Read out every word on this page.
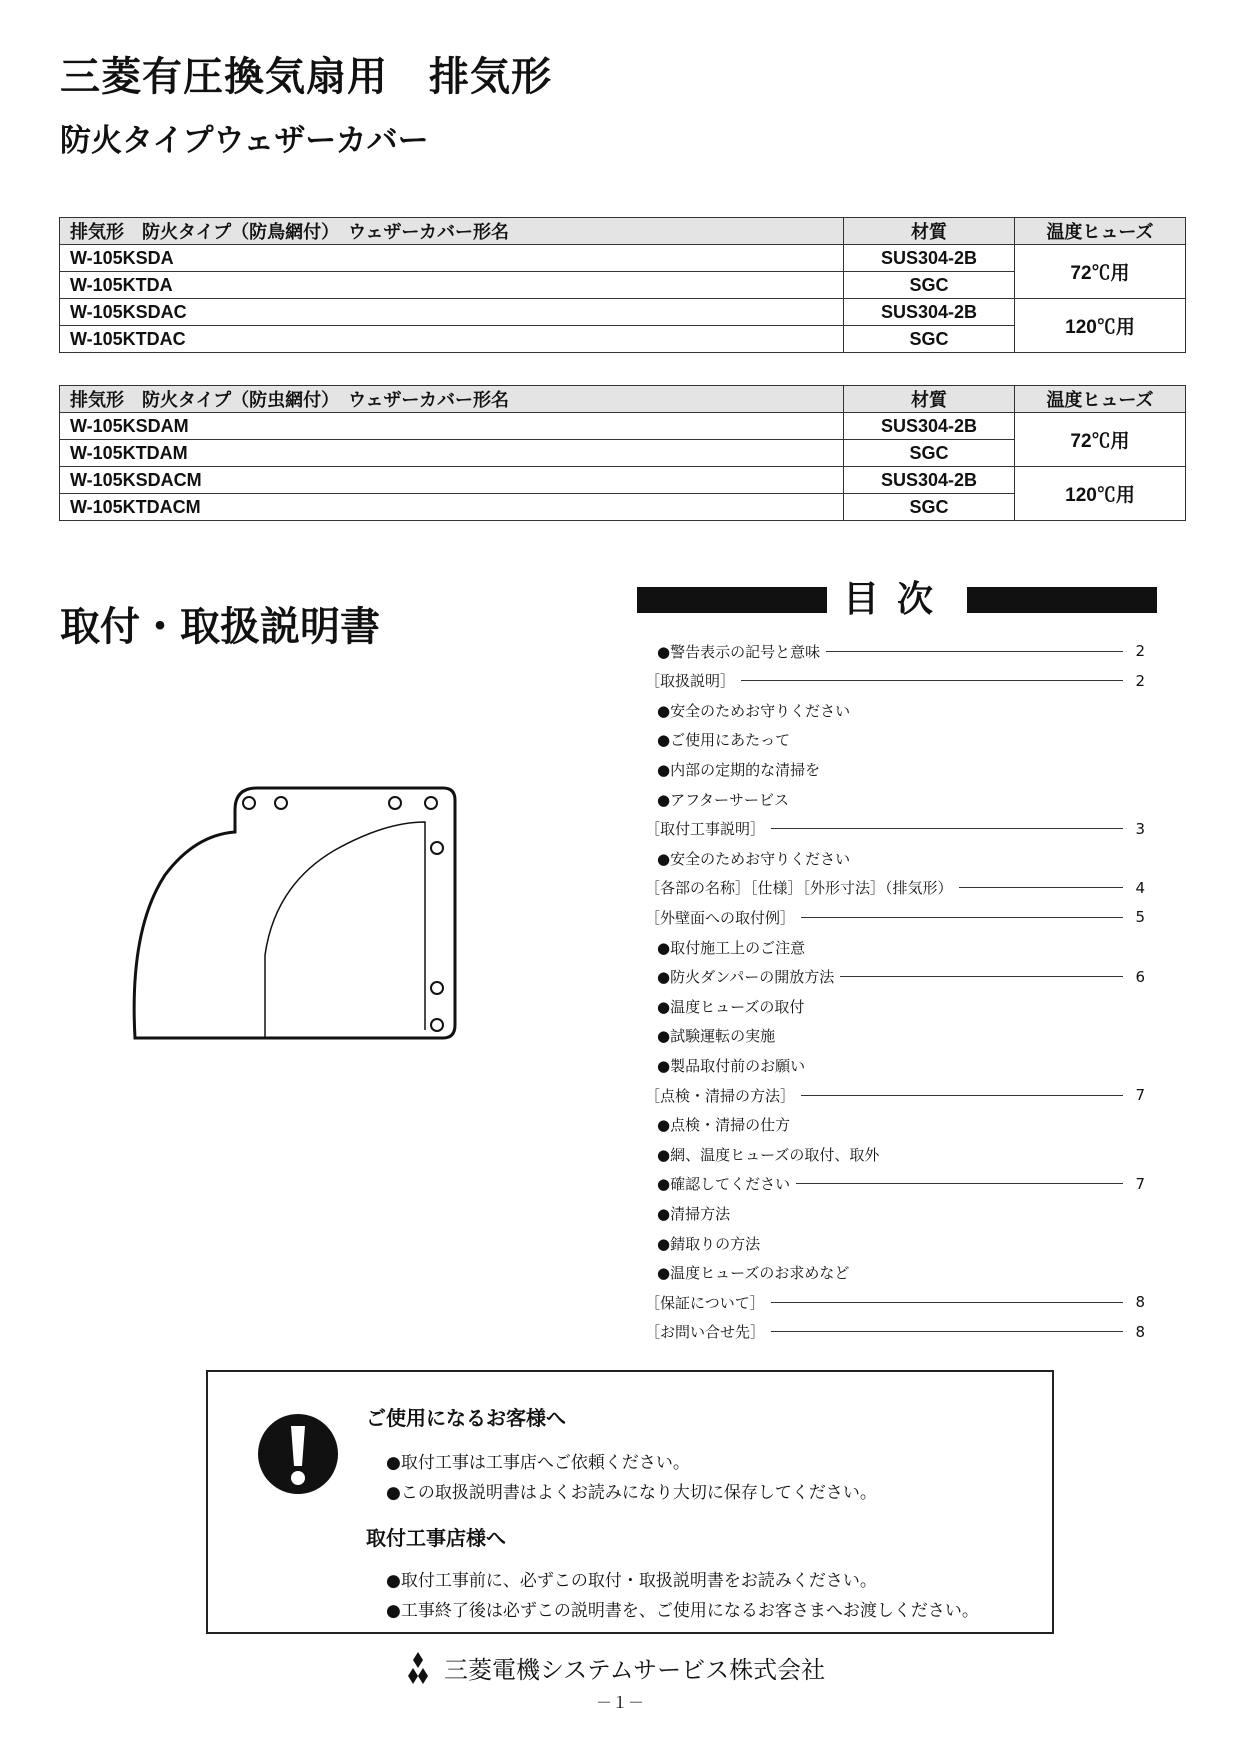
三菱有圧換気扇用　排気形
防火タイプウェザーカバー
排気形　防火タイプ（防鳥網付）　ウェザーカバー形名	材質	温度ヒューズ
W-105KSDA	SUS304-2B	72℃用
W-105KTDA	SGC	
W-105KSDAC	SUS304-2B	120℃用
W-105KTDAC	SGC	
排気形　防火タイプ（防虫網付）　ウェザーカバー形名	材質	温度ヒューズ
W-105KSDAM	SUS304-2B	72℃用
W-105KTDAM	SGC	
W-105KSDACM	SUS304-2B	120℃用
W-105KTDACM	SGC	
取付・取扱説明書
目次
●警告表示の記号と意味	2
［取扱説明］	2
●安全のためお守りください
●ご使用にあたって
●内部の定期的な清掃を
●アフターサービス
［取付工事説明］	3
●安全のためお守りください
［各部の名称］［仕様］［外形寸法］（排気形）	4
［外壁面への取付例］	5
●取付施工上のご注意
●防火ダンパーの開放方法	6
●温度ヒューズの取付
●試験運転の実施
●製品取付前のお願い
［点検・清掃の方法］	7
●点検・清掃の仕方
●網、温度ヒューズの取付、取外
●確認してください	7
●清掃方法
●錆取りの方法
●温度ヒューズのお求めなど
［保証について］	8
［お問い合せ先］	8
ご使用になるお客様へ
●取付工事は工事店へご依頼ください。
●この取扱説明書はよくお読みになり大切に保存してください。
取付工事店様へ
●取付工事前に、必ずこの取付・取扱説明書をお読みください。
●工事終了後は必ずこの説明書を、ご使用になるお客さまへお渡しください。
三菱電機システムサービス株式会社
－１－
